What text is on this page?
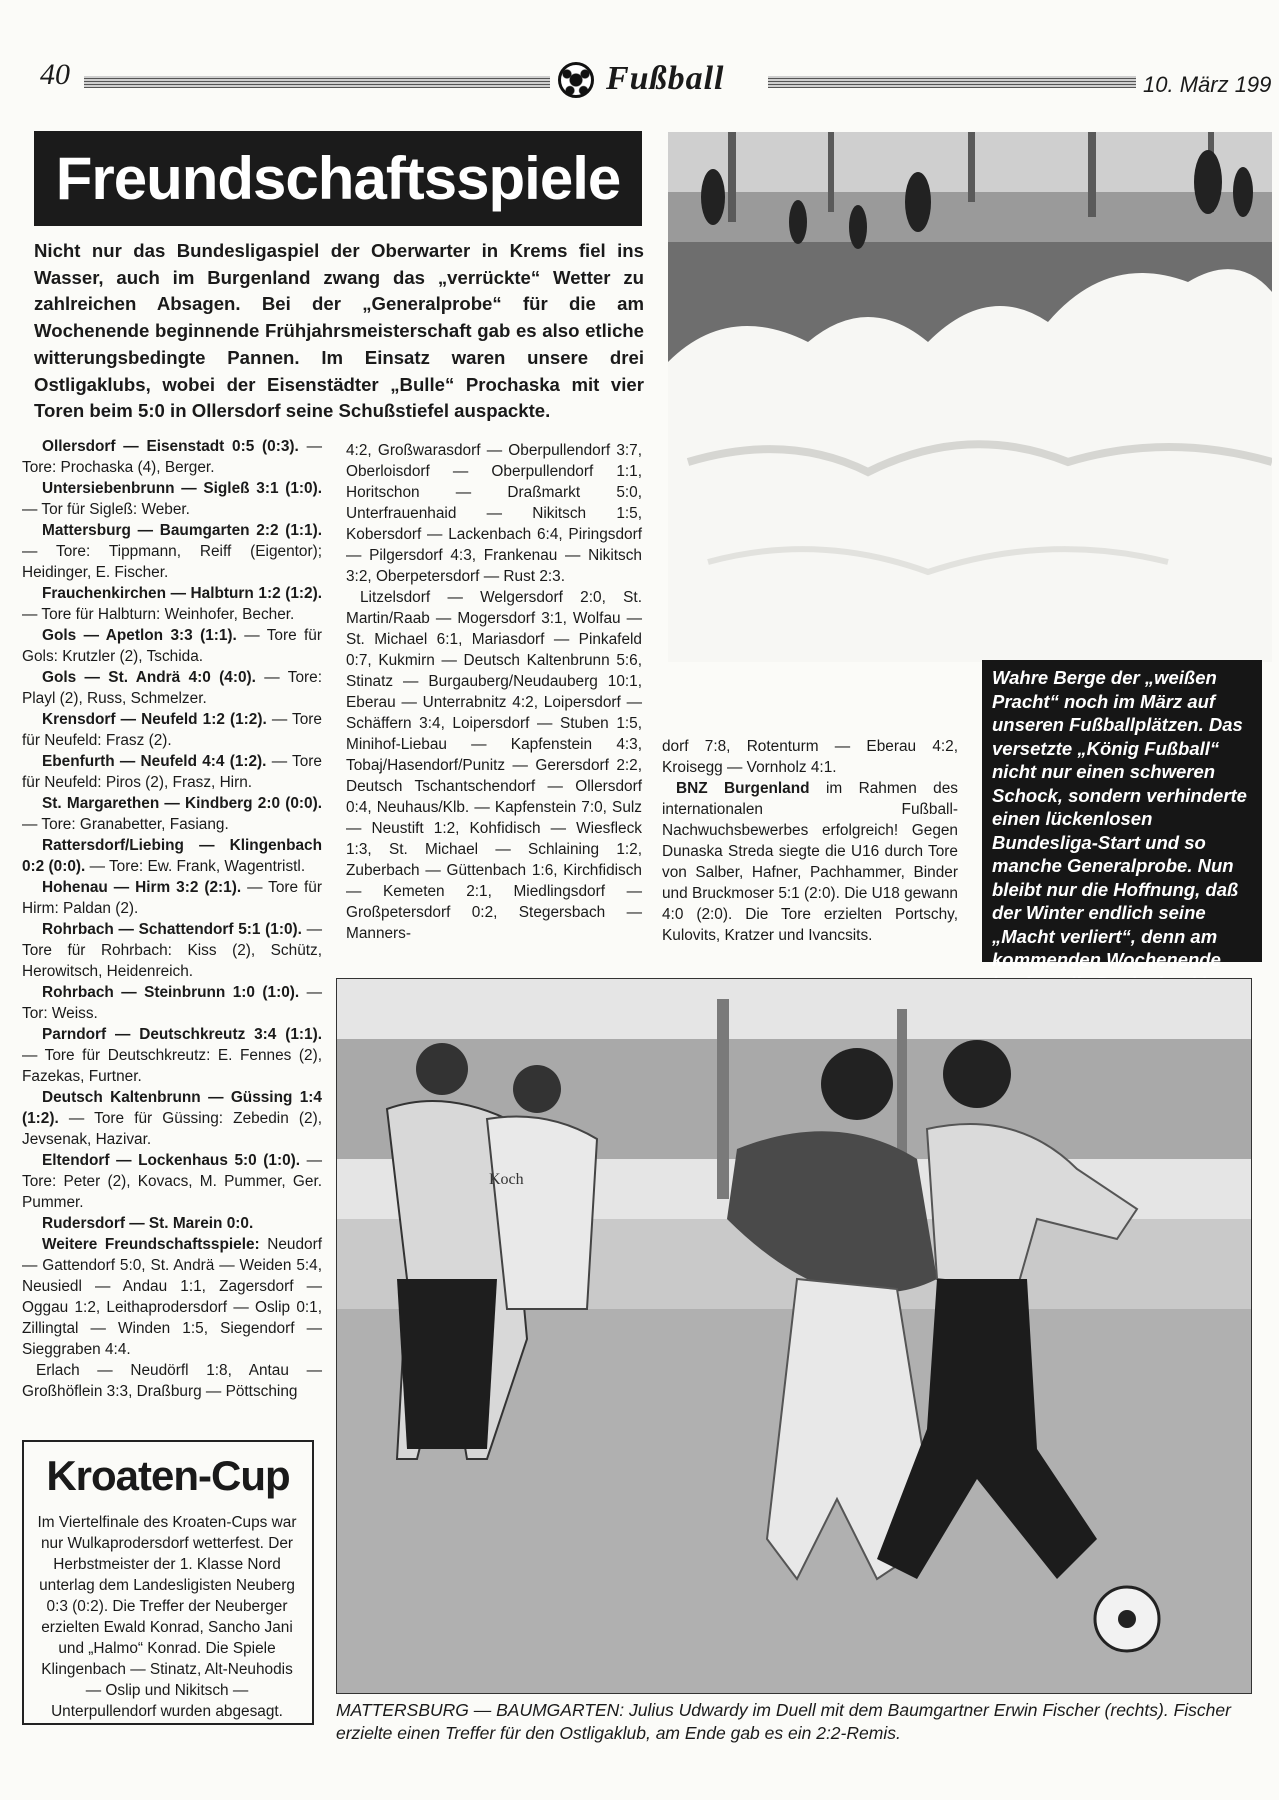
40	Fußball	10. März 199
Freundschaftsspiele
Nicht nur das Bundesligaspiel der Oberwarter in Krems fiel ins Wasser, auch im Burgenland zwang das „verrückte“ Wetter zu zahlreichen Absagen. Bei der „Generalprobe“ für die am Wochenende beginnende Frühjahrsmeisterschaft gab es also etliche witterungsbedingte Pannen. Im Einsatz waren unsere drei Ostligaklubs, wobei der Eisenstädter „Bulle“ Prochaska mit vier Toren beim 5:0 in Ollersdorf seine Schußstiefel auspackte.

Ollersdorf — Eisenstadt 0:5 (0:3). — Tore: Prochaska (4), Berger.

Untersiebenbrunn — Sigleß 3:1 (1:0). — Tor für Sigleß: Weber.

Mattersburg — Baumgarten 2:2 (1:1). — Tore: Tippmann, Reiff (Eigentor); Heidinger, E. Fischer.

Frauchenkirchen — Halbturn 1:2 (1:2). — Tore für Halbturn: Weinhofer, Becher.

Gols — Apetlon 3:3 (1:1). — Tore für Gols: Krutzler (2), Tschida.

Gols — St. Andrä 4:0 (4:0). — Tore: Playl (2), Russ, Schmelzer.

Krensdorf — Neufeld 1:2 (1:2). — Tore für Neufeld: Frasz (2).

Ebenfurth — Neufeld 4:4 (1:2). — Tore für Neufeld: Piros (2), Frasz, Hirn.

St. Margarethen — Kindberg 2:0 (0:0). — Tore: Granabetter, Fasiang.

Rattersdorf/Liebing — Klingenbach 0:2 (0:0). — Tore: Ew. Frank, Wagentristl.

Hohenau — Hirm 3:2 (2:1). — Tore für Hirm: Paldan (2).

Rohrbach — Schattendorf 5:1 (1:0). — Tore für Rohrbach: Kiss (2), Schütz, Herowitsch, Heidenreich.

Rohrbach — Steinbrunn 1:0 (1:0). — Tor: Weiss.

Parndorf — Deutschkreutz 3:4 (1:1). — Tore für Deutschkreutz: E. Fennes (2), Fazekas, Furtner.

Deutsch Kaltenbrunn — Güssing 1:4 (1:2). — Tore für Güssing: Zebedin (2), Jevsenak, Hazivar.

Eltendorf — Lockenhaus 5:0 (1:0). — Tore: Peter (2), Kovacs, M. Pummer, Ger. Pummer.

Rudersdorf — St. Marein 0:0.

Weitere Freundschaftsspiele: Neudorf — Gattendorf 5:0, St. Andrä — Weiden 5:4, Neusiedl — Andau 1:1, Zagersdorf — Oggau 1:2, Leithaprodersdorf — Oslip 0:1, Zillingtal — Winden 1:5, Siegendorf — Sieggraben 4:4.

Erlach — Neudörfl 1:8, Antau — Großhöflein 3:3, Draßburg — Pöttsching

4:2, Großwarasdorf — Oberpullendorf 3:7, Oberloisdorf — Oberpullendorf 1:1, Horitschon — Draßmarkt 5:0, Unterfrauenhaid — Nikitsch 1:5, Kobersdorf — Lackenbach 6:4, Piringsdorf — Pilgersdorf 4:3, Frankenau — Nikitsch 3:2, Oberpetersdorf — Rust 2:3.

Litzelsdorf — Welgersdorf 2:0, St. Martin/Raab — Mogersdorf 3:1, Wolfau — St. Michael 6:1, Mariasdorf — Pinkafeld 0:7, Kukmirn — Deutsch Kaltenbrunn 5:6, Stinatz — Burgauberg/Neudauberg 10:1, Eberau — Unterrabnitz 4:2, Loipersdorf — Schäffern 3:4, Loipersdorf — Stuben 1:5, Minihof-Liebau — Kapfenstein 4:3, Tobaj/Hasendorf/Punitz — Gerersdorf 2:2, Deutsch Tschantschendorf — Ollersdorf 0:4, Neuhaus/Klb. — Kapfenstein 7:0, Sulz — Neustift 1:2, Kohfidisch — Wiesfleck 1:3, St. Michael — Schlaining 1:2, Zuberbach — Güttenbach 1:6, Kirchfidisch — Kemeten 2:1, Miedlingsdorf — Großpetersdorf 0:2, Stegersbach — Manners-

dorf 7:8, Rotenturm — Eberau 4:2, Kroisegg — Vornholz 4:1.

BNZ Burgenland im Rahmen des internationalen Fußball-Nachwuchsbewerbes erfolgreich! Gegen Dunaska Streda siegte die U16 durch Tore von Salber, Hafner, Pachhammer, Binder und Bruckmoser 5:1 (2:0). Die U18 gewann 4:0 (2:0). Die Tore erzielten Portschy, Kulovits, Kratzer und Ivancsits.

Wahre Berge der „weißen Pracht“ noch im März auf unseren Fußballplätzen. Das versetzte „König Fußball“ nicht nur einen schweren Schock, sondern verhinderte einen lückenlosen Bundesliga-Start und so manche Generalprobe. Nun bleibt nur die Hoffnung, daß der Winter endlich seine „Macht verliert“, denn am kommenden Wochenende
Koch
Kroaten-Cup
Im Viertelfinale des Kroaten-Cups war nur Wulkaprodersdorf wetterfest. Der Herbstmeister der 1. Klasse Nord unterlag dem Landesligisten Neuberg 0:3 (0:2). Die Treffer der Neuberger erzielten Ewald Konrad, Sancho Jani und „Halmo“ Konrad. Die Spiele Klingenbach — Stinatz, Alt-Neuhodis — Oslip und Nikitsch — Unterpullendorf wurden abgesagt.	MATTERSBURG — BAUMGARTEN: Julius Udwardy im Duell mit dem Baumgartner Erwin Fischer (rechts). Fischer erzielte einen Treffer für den Ostligaklub, am Ende gab es ein 2:2-Remis.
